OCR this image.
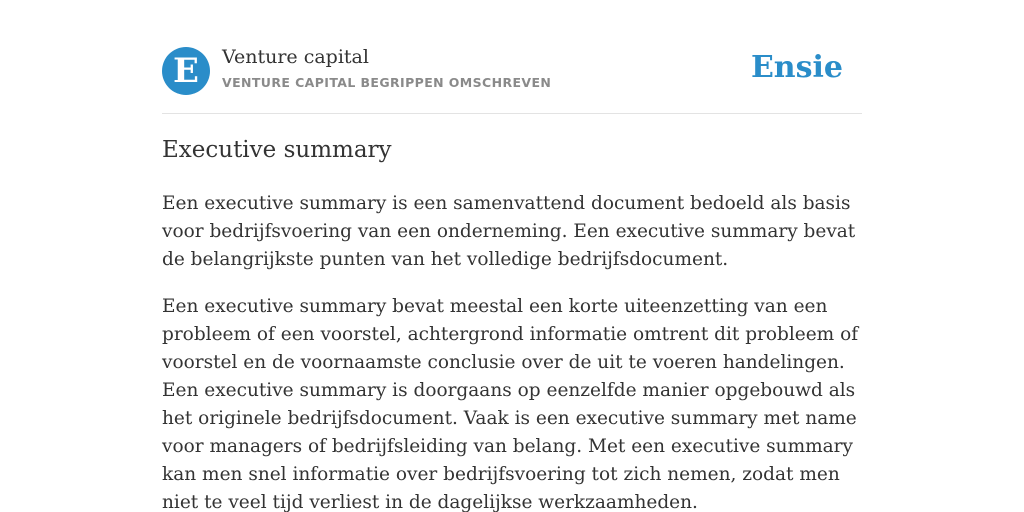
E	Venture capital
VENTURE CAPITAL BEGRIPPEN OMSCHREVEN	Ensie
Executive summary

Een executive summary is een samenvattend document bedoeld als basis voor bedrijfsvoering van een onderneming. Een executive summary bevat de belangrijkste punten van het volledige bedrijfsdocument.

Een executive summary bevat meestal een korte uiteenzetting van een probleem of een voorstel, achtergrond informatie omtrent dit probleem of voorstel en de voornaamste conclusie over de uit te voeren handelingen. Een executive summary is doorgaans op eenzelfde manier opgebouwd als het originele bedrijfsdocument. Vaak is een executive summary met name voor managers of bedrijfsleiding van belang. Met een executive summary kan men snel informatie over bedrijfsvoering tot zich nemen, zodat men niet te veel tijd verliest in de dagelijkse werkzaamheden.
